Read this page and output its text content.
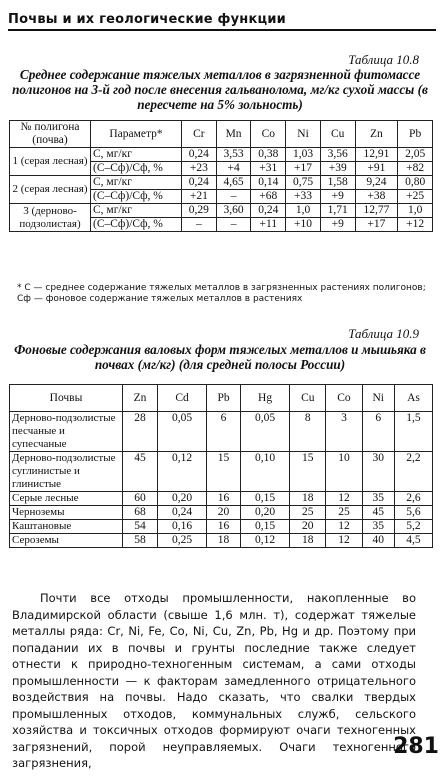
Почвы и их геологические функции
Таблица 10.8
Среднее содержание тяжелых металлов в загрязненной фитомассе полигонов на 3-й год после внесения гальванолома, мг/кг сухой массы (в пересчете на 5% зольность)
№ полигона (почва)	Параметр*	Cr	Mn	Co	Ni	Cu	Zn	Pb
1 (серая лесная)	С, мг/кг	0,24	3,53	0,38	1,03	3,56	12,91	2,05
	(С–Сф)/Сф, %	+23	+4	+31	+17	+39	+91	+82
2 (серая лесная)	С, мг/кг	0,24	4,65	0,14	0,75	1,58	9,24	0,80
	(С–Сф)/Сф, %	+21	–	+68	+33	+9	+38	+25
3 (дерново-подзолистая)	С, мг/кг	0,29	3,60	0,24	1,0	1,71	12,77	1,0
	(С–Сф)/Сф, %	–	–	+11	+10	+9	+17	+12
* С — среднее содержание тяжелых металлов в загрязненных растениях полигонов; Сф — фоновое содержание тяжелых металлов в растениях
Таблица 10.9
Фоновые содержания валовых форм тяжелых металлов и мышьяка в почвах (мг/кг) (для средней полосы России)
Почвы	Zn	Cd	Pb	Hg	Cu	Co	Ni	As
Дерново-подзолистые песчаные и супесчаные	28	0,05	6	0,05	8	3	6	1,5
Дерново-подзолистые суглинистые и глинистые	45	0,12	15	0,10	15	10	30	2,2
Серые лесные	60	0,20	16	0,15	18	12	35	2,6
Черноземы	68	0,24	20	0,20	25	25	45	5,6
Каштановые	54	0,16	16	0,15	20	12	35	5,2
Сероземы	58	0,25	18	0,12	18	12	40	4,5

Почти все отходы промышленности, накопленные во Владимирской области (свыше 1,6 млн. т), содержат тяжелые металлы ряда: Cr, Ni, Fe, Co, Ni, Cu, Zn, Pb, Hg и др. Поэтому при попадании их в почвы и грунты последние также следует отнести к природно-техногенным системам, а сами отходы промышленности — к факторам замедленного отрицательного воздействия на почвы. Надо сказать, что свалки твердых промышленных отходов, коммунальных служб, сельского хозяйства и токсичных отходов формируют очаги техногенных загрязнений, порой неуправляемых. Очаги техногенного загрязнения,

281
